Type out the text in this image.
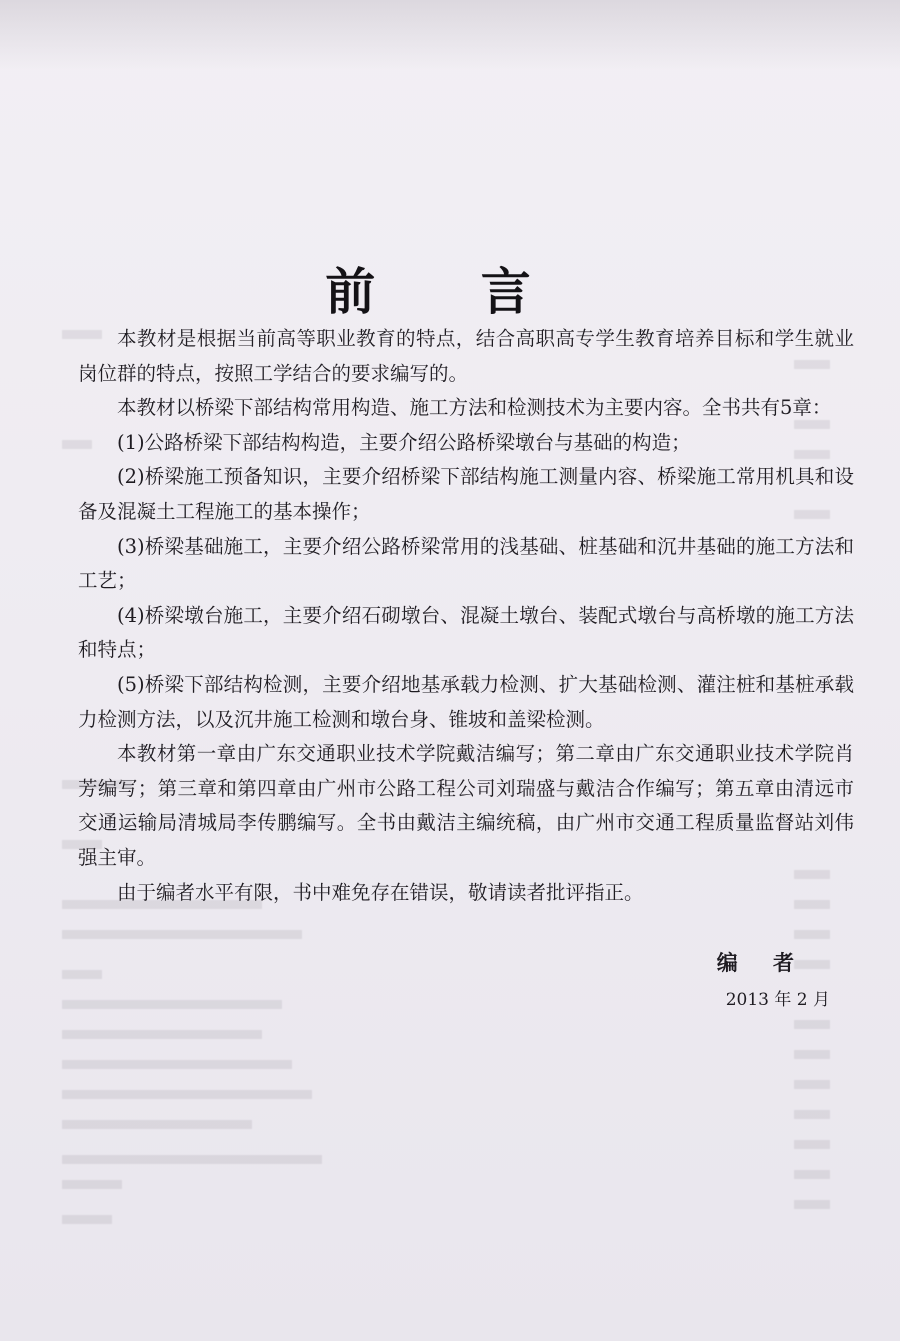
前 言

本教材是根据当前高等职业教育的特点，结合高职高专学生教育培养目标和学生就业岗位群的特点，按照工学结合的要求编写的。

本教材以桥梁下部结构常用构造、施工方法和检测技术为主要内容。全书共有5章：

(1)公路桥梁下部结构构造，主要介绍公路桥梁墩台与基础的构造；

(2)桥梁施工预备知识，主要介绍桥梁下部结构施工测量内容、桥梁施工常用机具和设备及混凝土工程施工的基本操作；

(3)桥梁基础施工，主要介绍公路桥梁常用的浅基础、桩基础和沉井基础的施工方法和工艺；

(4)桥梁墩台施工，主要介绍石砌墩台、混凝土墩台、装配式墩台与高桥墩的施工方法和特点；

(5)桥梁下部结构检测，主要介绍地基承载力检测、扩大基础检测、灌注桩和基桩承载力检测方法，以及沉井施工检测和墩台身、锥坡和盖梁检测。

本教材第一章由广东交通职业技术学院戴洁编写；第二章由广东交通职业技术学院肖芳编写；第三章和第四章由广州市公路工程公司刘瑞盛与戴洁合作编写；第五章由清远市交通运输局清城局李传鹏编写。全书由戴洁主编统稿，由广州市交通工程质量监督站刘伟强主审。

由于编者水平有限，书中难免存在错误，敬请读者批评指正。

编 者
2013 年 2 月
